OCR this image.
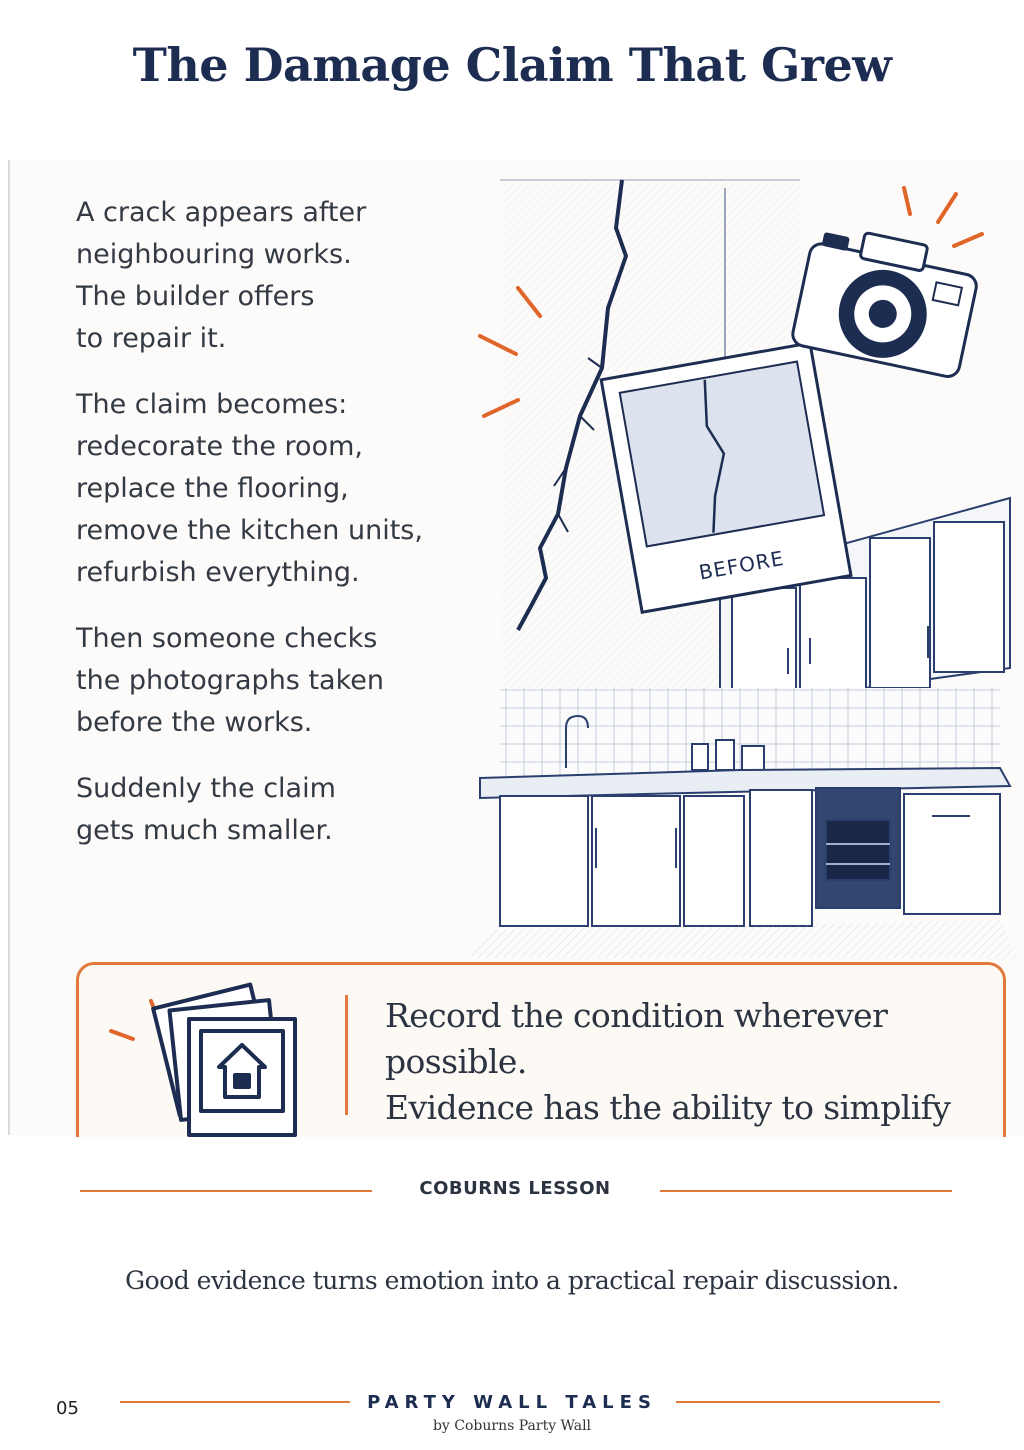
The Damage Claim That Grew

A crack appears after
neighbouring works.
The builder offers
to repair it.

The claim becomes:
redecorate the room,
replace the flooring,
remove the kitchen units,
refurbish everything.

Then someone checks
the photographs taken
before the works.

Suddenly the claim
gets much smaller.

BEFORE
Record the condition wherever possible.
Evidence has the ability to simplify

COBURNS LESSON
Good evidence turns emotion into a practical repair discussion.
05	PARTY WALL TALES
by Coburns Party Wall
